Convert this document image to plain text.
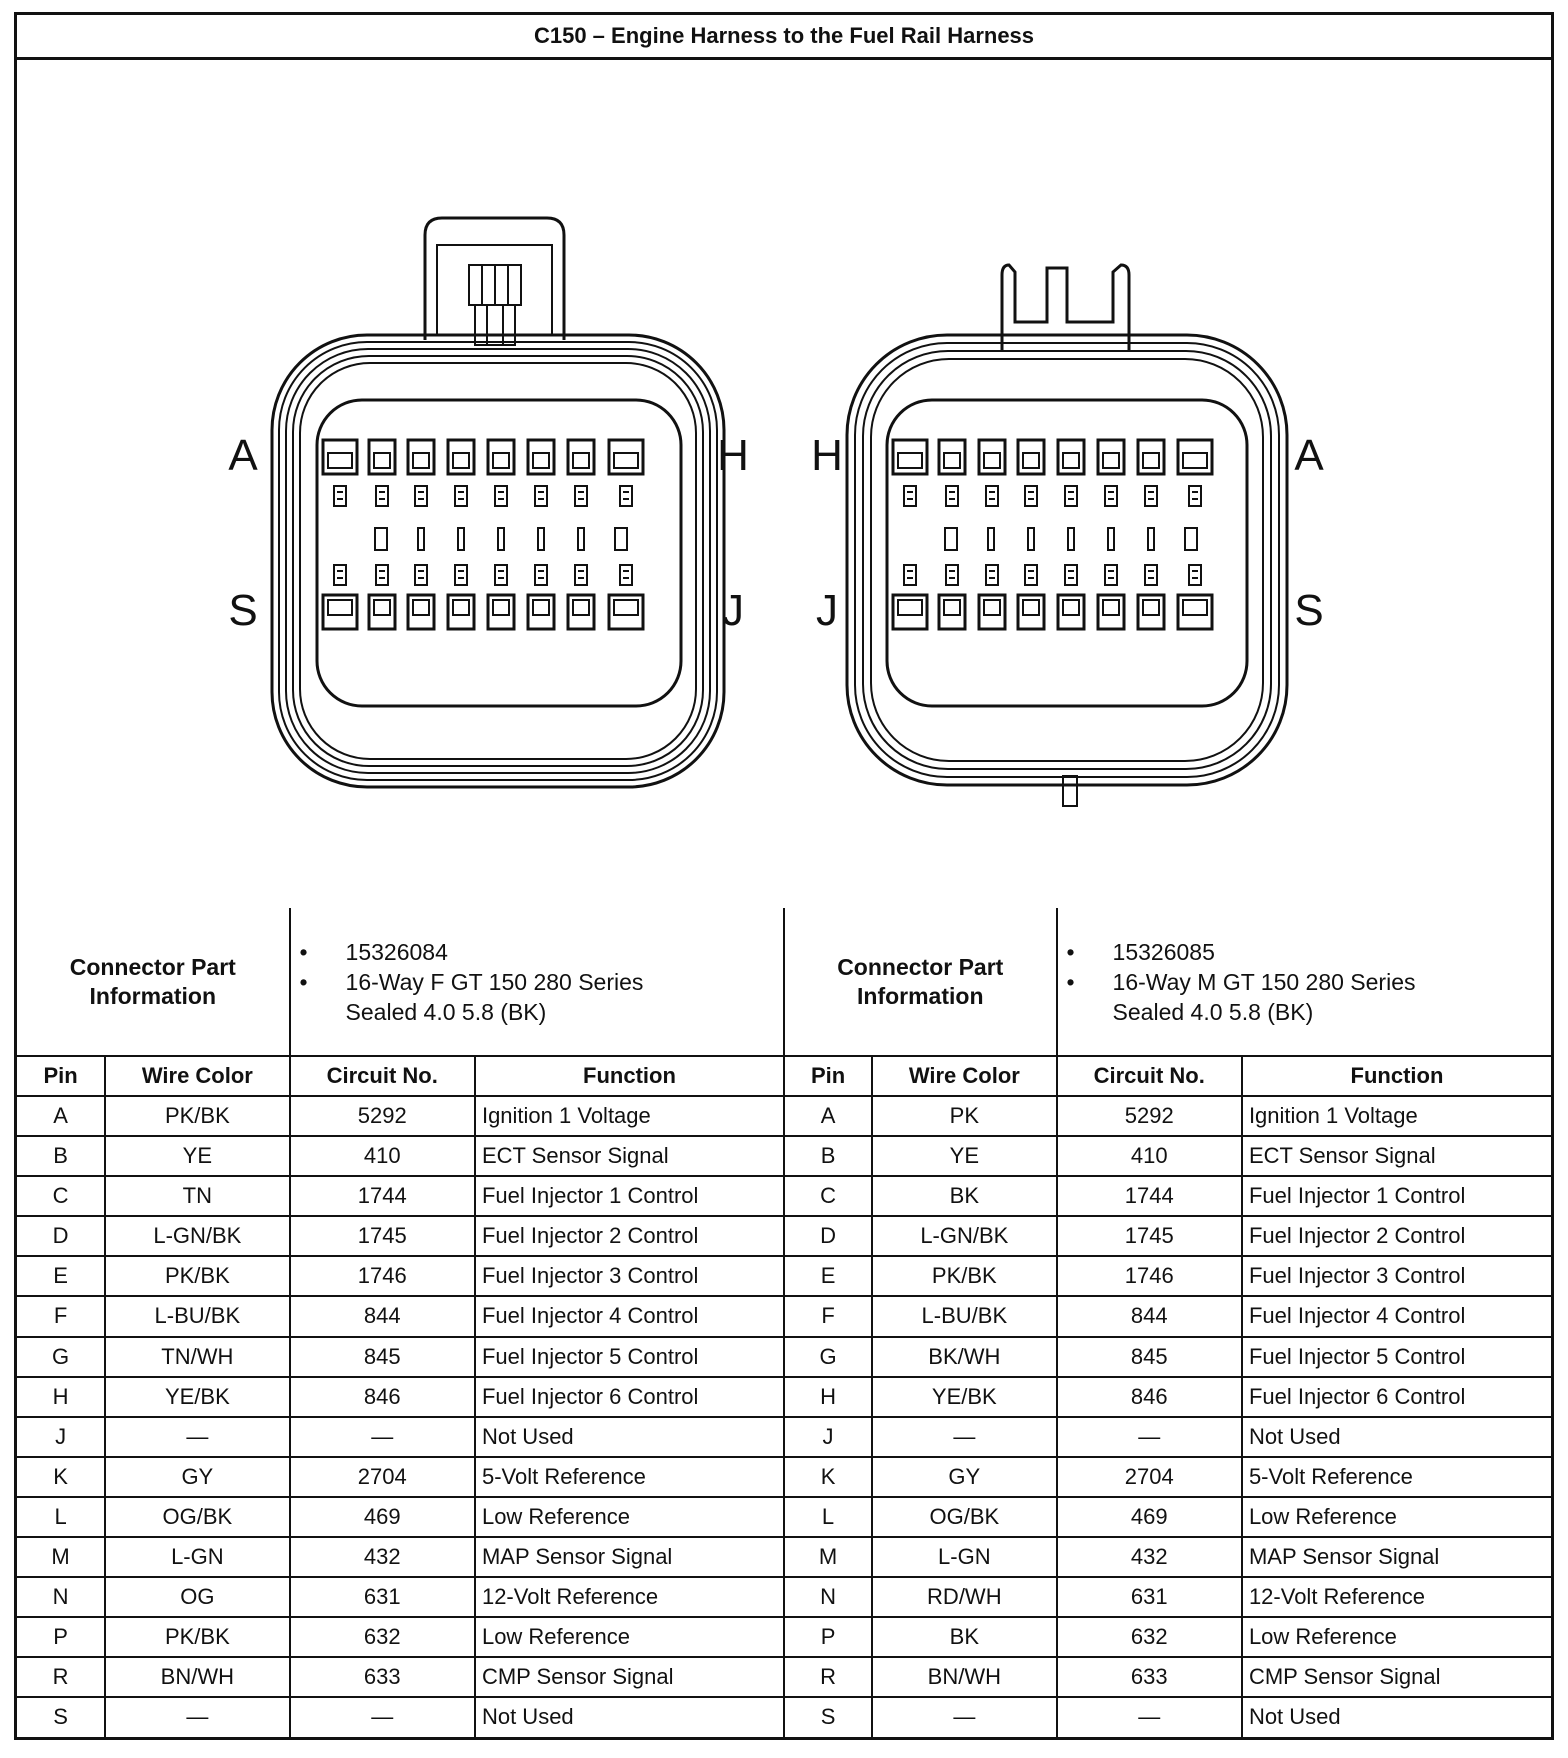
C150 – Engine Harness to the Fuel Rail Harness
A	H
S	J
H	A
J	S
Connector Part Information		• 15326084
• 16-Way F GT 150 280 Series
Sealed 4.0 5.8 (BK)		Connector Part Information		• 15326085
• 16-Way M GT 150 280 Series
Sealed 4.0 5.8 (BK)

Pin	Wire Color	Circuit No.	Function	Pin	Wire Color	Circuit No.	Function
A	PK/BK	5292	Ignition 1 Voltage	A	PK	5292	Ignition 1 Voltage
B	YE	410	ECT Sensor Signal	B	YE	410	ECT Sensor Signal
C	TN	1744	Fuel Injector 1 Control	C	BK	1744	Fuel Injector 1 Control
D	L-GN/BK	1745	Fuel Injector 2 Control	D	L-GN/BK	1745	Fuel Injector 2 Control
E	PK/BK	1746	Fuel Injector 3 Control	E	PK/BK	1746	Fuel Injector 3 Control
F	L-BU/BK	844	Fuel Injector 4 Control	F	L-BU/BK	844	Fuel Injector 4 Control
G	TN/WH	845	Fuel Injector 5 Control	G	BK/WH	845	Fuel Injector 5 Control
H	YE/BK	846	Fuel Injector 6 Control	H	YE/BK	846	Fuel Injector 6 Control
J	—	—	Not Used	J	—	—	Not Used
K	GY	2704	5-Volt Reference	K	GY	2704	5-Volt Reference
L	OG/BK	469	Low Reference	L	OG/BK	469	Low Reference
M	L-GN	432	MAP Sensor Signal	M	L-GN	432	MAP Sensor Signal
N	OG	631	12-Volt Reference	N	RD/WH	631	12-Volt Reference
P	PK/BK	632	Low Reference	P	BK	632	Low Reference
R	BN/WH	633	CMP Sensor Signal	R	BN/WH	633	CMP Sensor Signal
S	—	—	Not Used	S	—	—	Not Used
